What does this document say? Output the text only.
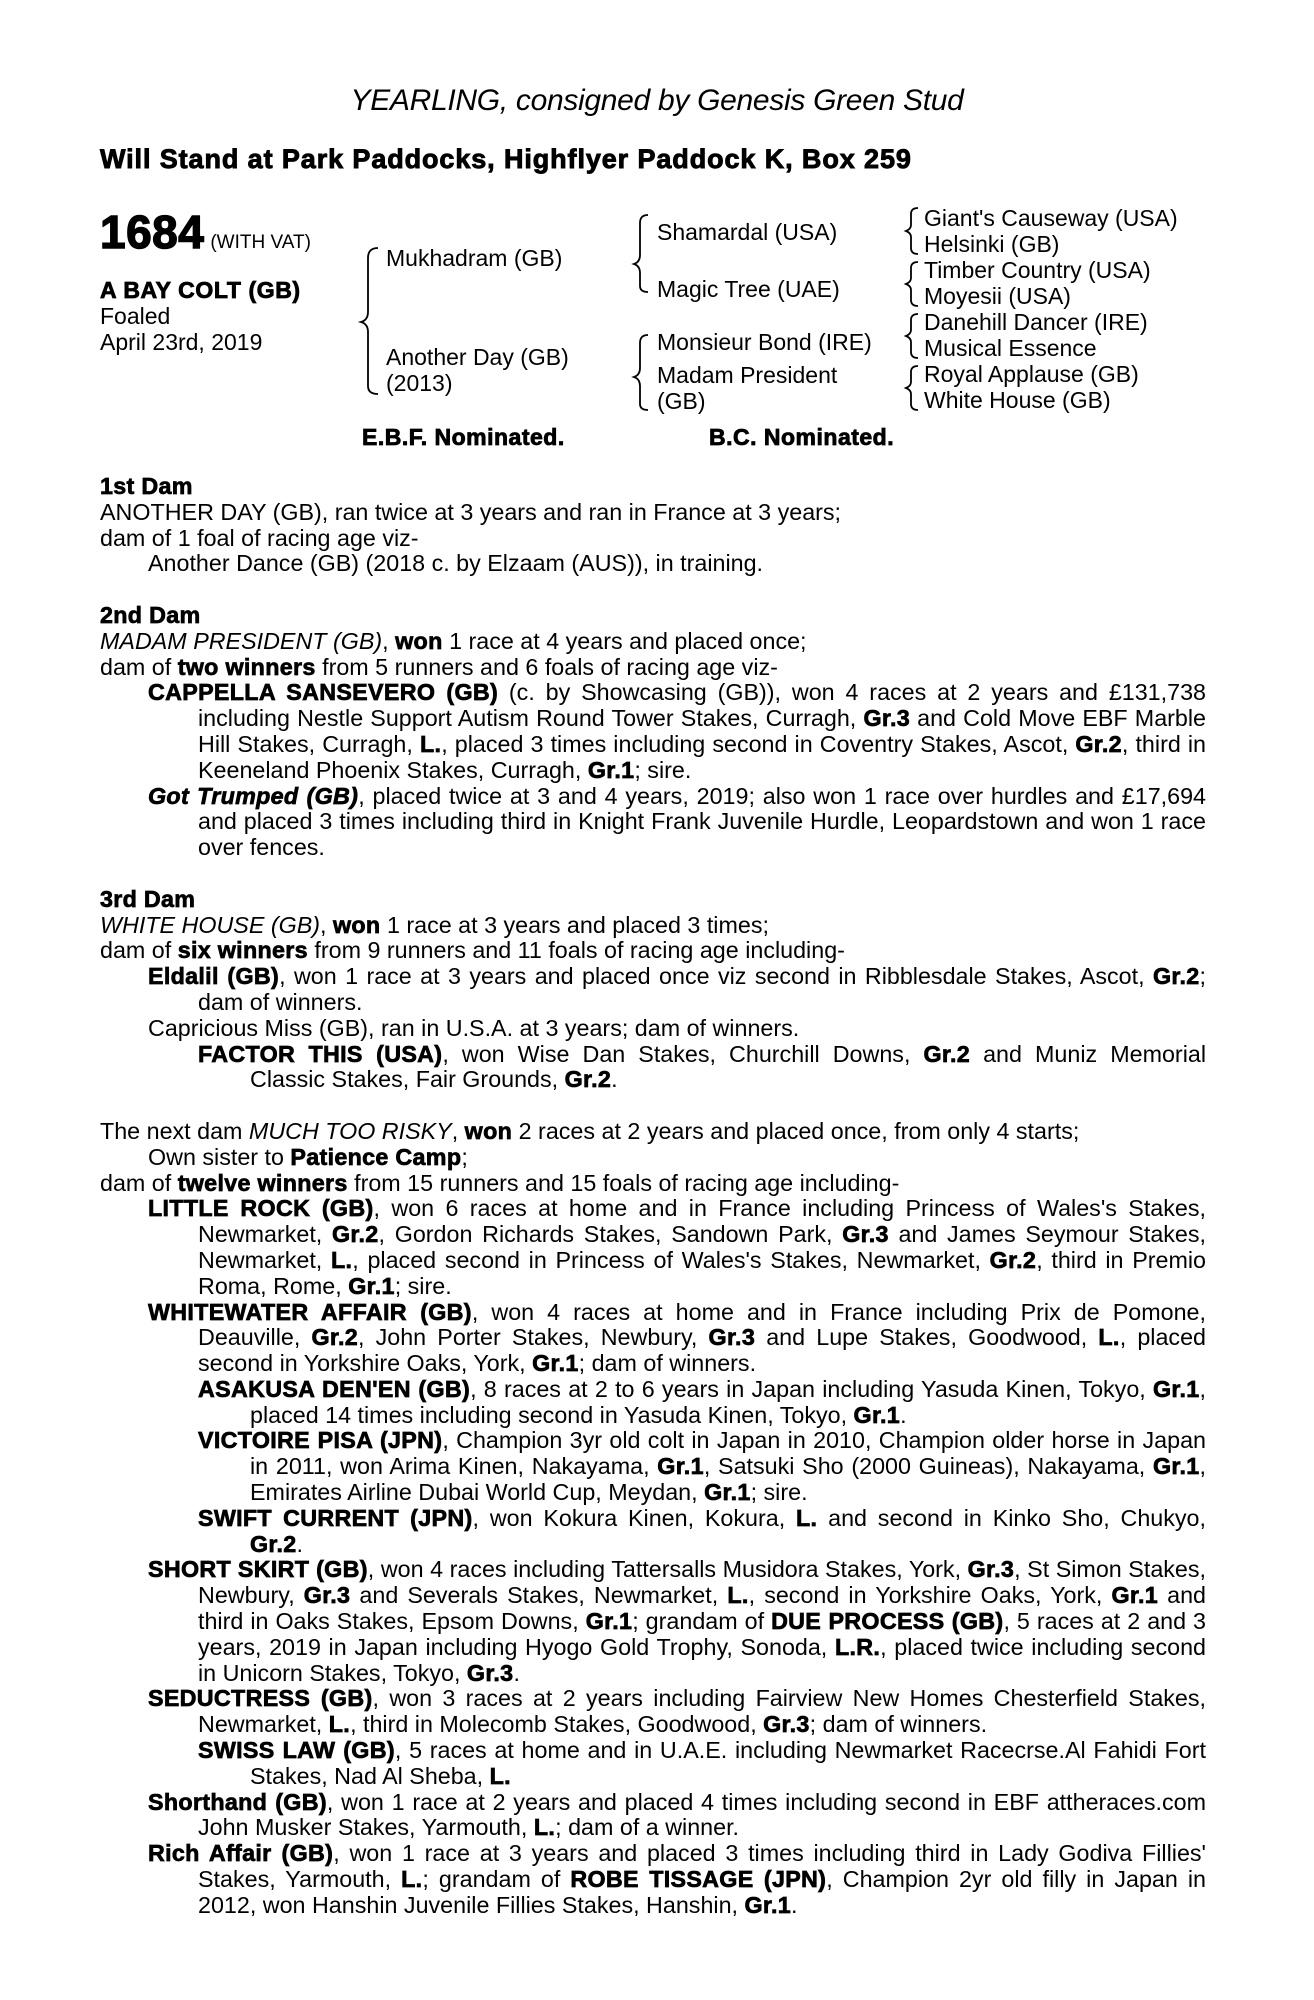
YEARLING, consigned by Genesis Green Stud
Will Stand at Park Paddocks, Highflyer Paddock K, Box 259
1684 (WITH VAT)
A BAY COLT (GB)
Foaled
April 23rd, 2019
Mukhadram (GB)
Another Day (GB)
(2013)
Shamardal (USA)
Magic Tree (UAE)
Monsieur Bond (IRE)
Madam President
(GB)
Giant's Causeway (USA)
Helsinki (GB)
Timber Country (USA)
Moyesii (USA)
Danehill Dancer (IRE)
Musical Essence
Royal Applause (GB)
White House (GB)
E.B.F. Nominated.	B.C. Nominated.
1st Dam
ANOTHER DAY (GB), ran twice at 3 years and ran in France at 3 years;
dam of 1 foal of racing age viz-
Another Dance (GB) (2018 c. by Elzaam (AUS)), in training.
2nd Dam
MADAM PRESIDENT (GB), won 1 race at 4 years and placed once;
dam of two winners from 5 runners and 6 foals of racing age viz-
CAPPELLA SANSEVERO (GB) (c. by Showcasing (GB)), won 4 races at 2 years and £131,738 including Nestle Support Autism Round Tower Stakes, Curragh, Gr.3 and Cold Move EBF Marble Hill Stakes, Curragh, L., placed 3 times including second in Coventry Stakes, Ascot, Gr.2, third in Keeneland Phoenix Stakes, Curragh, Gr.1; sire.
Got Trumped (GB), placed twice at 3 and 4 years, 2019; also won 1 race over hurdles and £17,694 and placed 3 times including third in Knight Frank Juvenile Hurdle, Leopardstown and won 1 race over fences.
3rd Dam
WHITE HOUSE (GB), won 1 race at 3 years and placed 3 times;
dam of six winners from 9 runners and 11 foals of racing age including-
Eldalil (GB), won 1 race at 3 years and placed once viz second in Ribblesdale Stakes, Ascot, Gr.2; dam of winners.
Capricious Miss (GB), ran in U.S.A. at 3 years; dam of winners.
FACTOR THIS (USA), won Wise Dan Stakes, Churchill Downs, Gr.2 and Muniz Memorial Classic Stakes, Fair Grounds, Gr.2.
The next dam MUCH TOO RISKY, won 2 races at 2 years and placed once, from only 4 starts;
Own sister to Patience Camp;
dam of twelve winners from 15 runners and 15 foals of racing age including-
LITTLE ROCK (GB), won 6 races at home and in France including Princess of Wales's Stakes, Newmarket, Gr.2, Gordon Richards Stakes, Sandown Park, Gr.3 and James Seymour Stakes, Newmarket, L., placed second in Princess of Wales's Stakes, Newmarket, Gr.2, third in Premio Roma, Rome, Gr.1; sire.
WHITEWATER AFFAIR (GB), won 4 races at home and in France including Prix de Pomone, Deauville, Gr.2, John Porter Stakes, Newbury, Gr.3 and Lupe Stakes, Goodwood, L., placed second in Yorkshire Oaks, York, Gr.1; dam of winners.
ASAKUSA DEN'EN (GB), 8 races at 2 to 6 years in Japan including Yasuda Kinen, Tokyo, Gr.1, placed 14 times including second in Yasuda Kinen, Tokyo, Gr.1.
VICTOIRE PISA (JPN), Champion 3yr old colt in Japan in 2010, Champion older horse in Japan in 2011, won Arima Kinen, Nakayama, Gr.1, Satsuki Sho (2000 Guineas), Nakayama, Gr.1, Emirates Airline Dubai World Cup, Meydan, Gr.1; sire.
SWIFT CURRENT (JPN), won Kokura Kinen, Kokura, L. and second in Kinko Sho, Chukyo, Gr.2.
SHORT SKIRT (GB), won 4 races including Tattersalls Musidora Stakes, York, Gr.3, St Simon Stakes, Newbury, Gr.3 and Severals Stakes, Newmarket, L., second in Yorkshire Oaks, York, Gr.1 and third in Oaks Stakes, Epsom Downs, Gr.1; grandam of DUE PROCESS (GB), 5 races at 2 and 3 years, 2019 in Japan including Hyogo Gold Trophy, Sonoda, L.R., placed twice including second in Unicorn Stakes, Tokyo, Gr.3.
SEDUCTRESS (GB), won 3 races at 2 years including Fairview New Homes Chesterfield Stakes, Newmarket, L., third in Molecomb Stakes, Goodwood, Gr.3; dam of winners.
SWISS LAW (GB), 5 races at home and in U.A.E. including Newmarket Racecrse.Al Fahidi Fort Stakes, Nad Al Sheba, L.
Shorthand (GB), won 1 race at 2 years and placed 4 times including second in EBF attheraces.com John Musker Stakes, Yarmouth, L.; dam of a winner.
Rich Affair (GB), won 1 race at 3 years and placed 3 times including third in Lady Godiva Fillies' Stakes, Yarmouth, L.; grandam of ROBE TISSAGE (JPN), Champion 2yr old filly in Japan in 2012, won Hanshin Juvenile Fillies Stakes, Hanshin, Gr.1.
